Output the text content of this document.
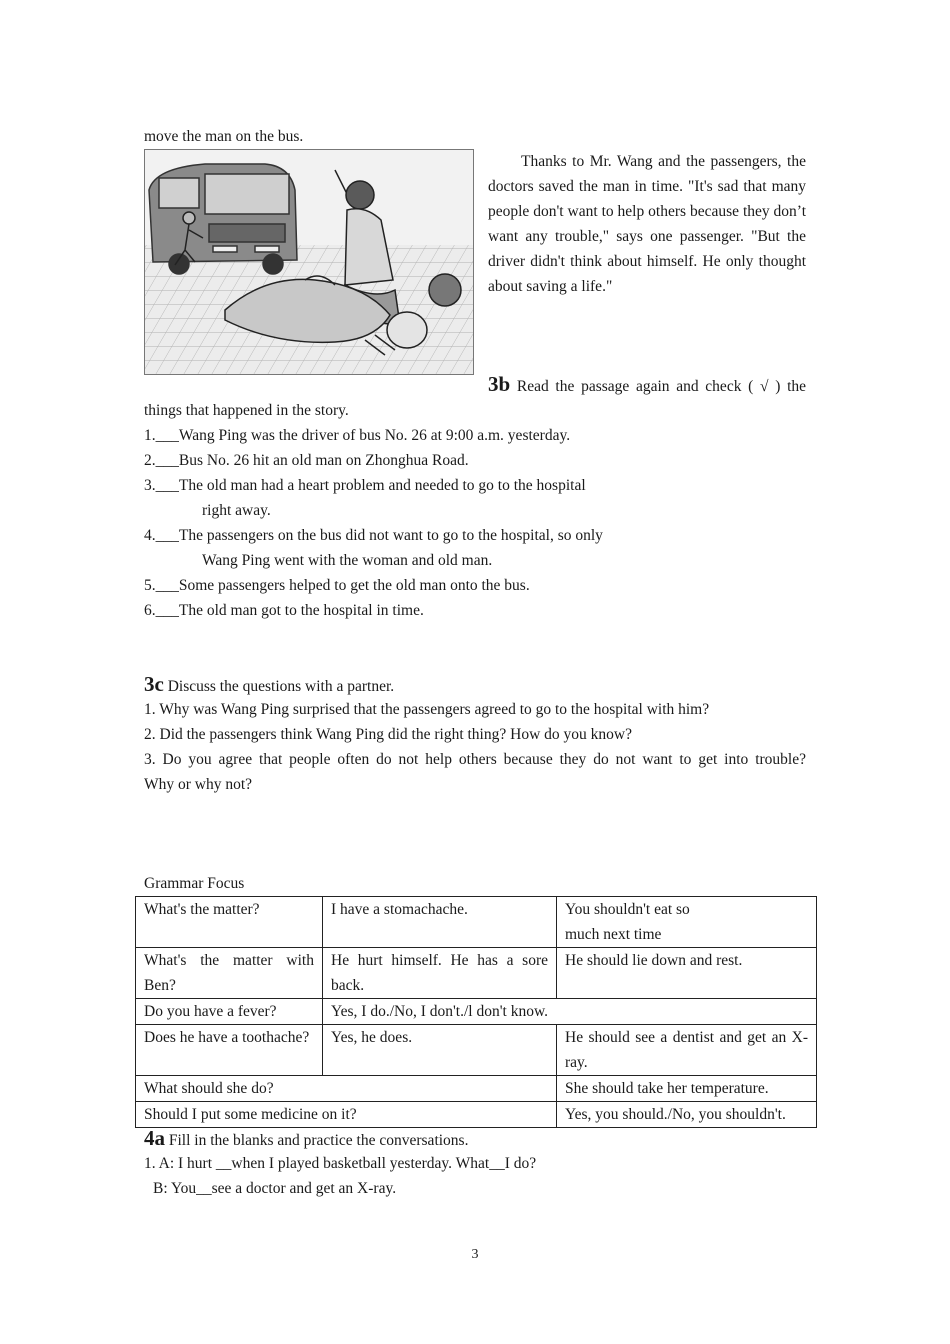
move the man on the bus.
Thanks to Mr. Wang and the passengers, the doctors saved the man in time. "It's sad that many people don't want to help others because they don’t want any trouble," says one passenger. "But the driver didn't think about himself. He only thought about saving a life."
3b Read the passage again and check ( √ ) the
things that happened in the story.
1.___Wang Ping was the driver of bus No. 26 at 9:00 a.m. yesterday.
2.___Bus No. 26 hit an old man on Zhonghua Road.
3.___The old man had a heart problem and needed to go to the hospital
right away.
4.___The passengers on the bus did not want to go to the hospital, so only
Wang Ping went with the woman and old man.
5.___Some passengers helped to get the old man onto the bus.
6.___The old man got to the hospital in time.
3c Discuss the questions with a partner.
1. Why was Wang Ping surprised that the passengers agreed to go to the hospital with him?
2. Did the passengers think Wang Ping did the right thing? How do you know?
3. Do you agree that people often do not help others because they do not want to get into trouble?
Why or why not?
Grammar Focus
What's the matter?	I have a stomachache.	You shouldn't eat so
much next time

What's the matter with Ben?	He hurt himself. He has a sore back.	He should lie down and rest.
Do you have a fever?	Yes, I do./No, I don't./l don't know.	
Does he have a toothache?	Yes, he does.	He should see a dentist and get an X-ray.
What should she do?		She should take her temperature.
Should I put some medicine on it?		Yes, you should./No, you shouldn't.
4a Fill in the blanks and practice the conversations.
1. A: I hurt __when I played basketball yesterday. What__I do?
B: You__see a doctor and get an X-ray.
3
